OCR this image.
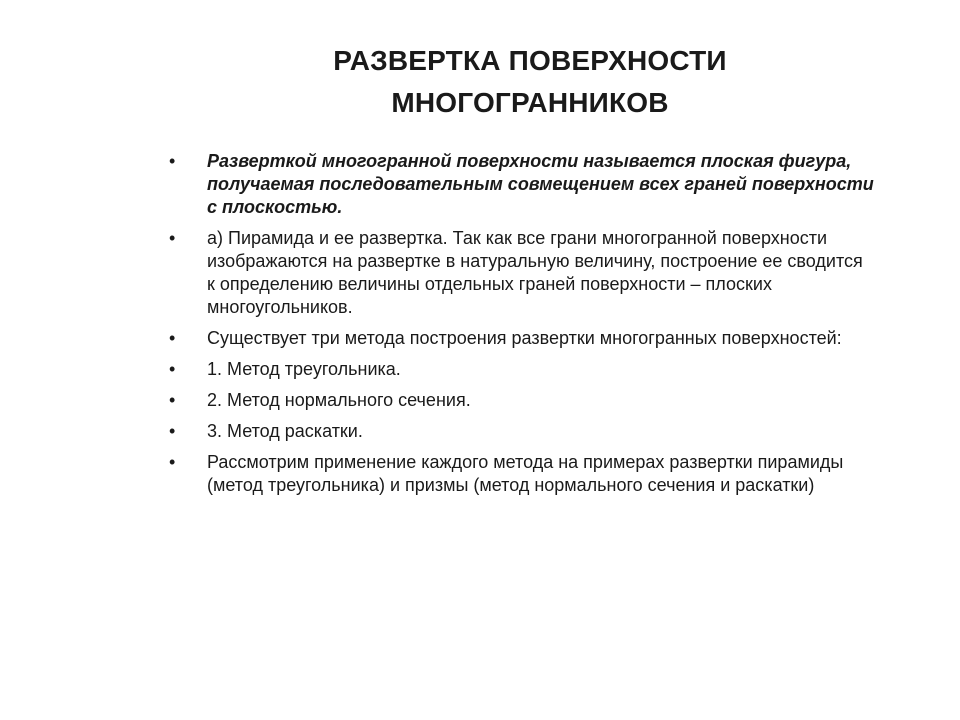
РАЗВЕРТКА ПОВЕРХНОСТИ
МНОГОГРАННИКОВ
• Разверткой многогранной поверхности называется плоская фигура, получаемая последовательным совмещением всех граней поверхности с плоскостью.
• а) Пирамида и ее развертка. Так как все грани многогранной поверхности изображаются на развертке в натуральную величину, построение ее сводится к определению величины отдельных граней поверхности – плоских многоугольников.
• Существует три метода построения развертки многогранных поверхностей:
• 1. Метод треугольника.
• 2. Метод нормального сечения.
• 3. Метод раскатки.
• Рассмотрим применение каждого метода на примерах развертки пирамиды (метод треугольника) и призмы (метод нормального сечения и раскатки)
